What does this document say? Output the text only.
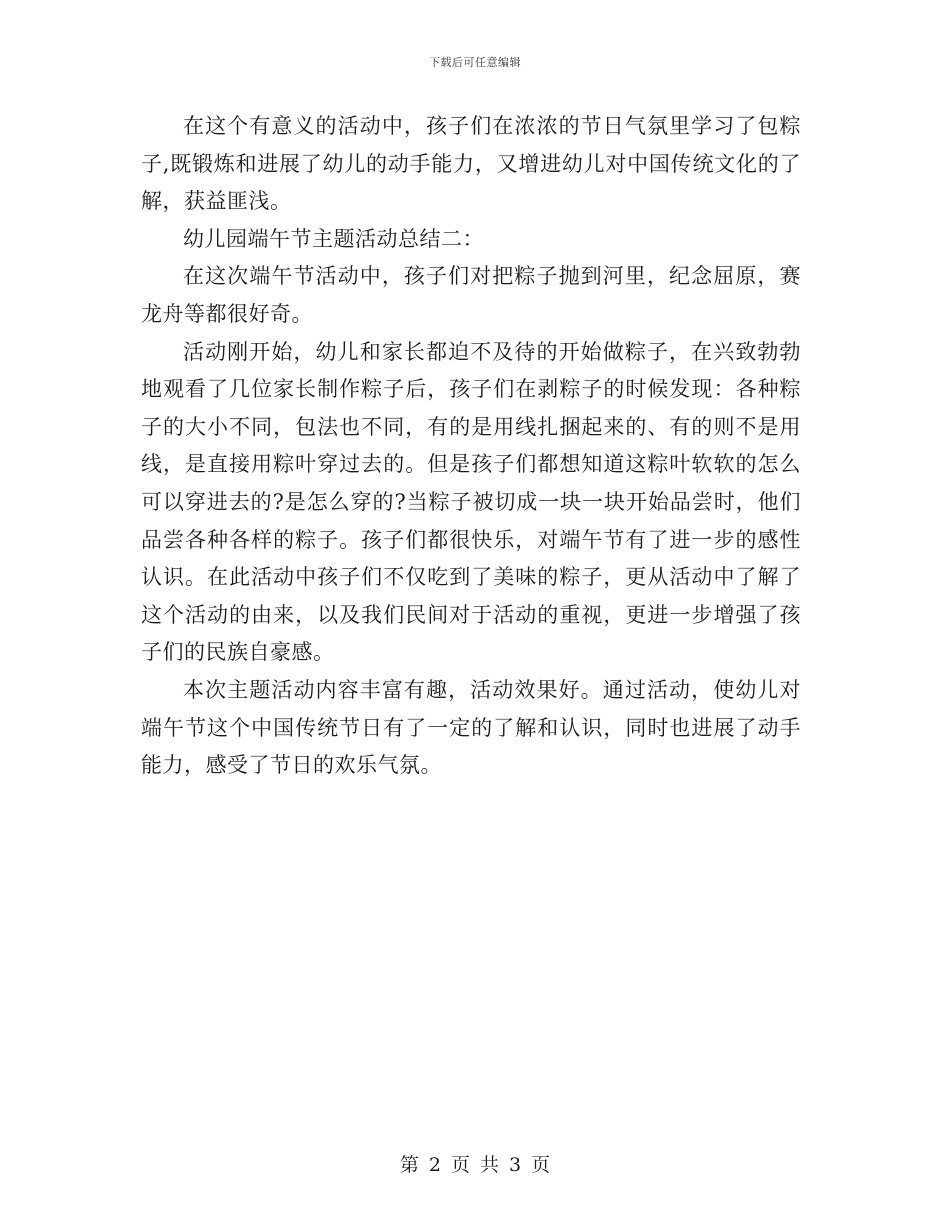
下载后可任意编辑

在这个有意义的活动中，孩子们在浓浓的节日气氛里学习了包粽子,既锻炼和进展了幼儿的动手能力，又增进幼儿对中国传统文化的了解，获益匪浅。

幼儿园端午节主题活动总结二：

在这次端午节活动中，孩子们对把粽子抛到河里，纪念屈原，赛龙舟等都很好奇。

活动刚开始，幼儿和家长都迫不及待的开始做粽子，在兴致勃勃地观看了几位家长制作粽子后，孩子们在剥粽子的时候发现：各种粽子的大小不同，包法也不同，有的是用线扎捆起来的、有的则不是用线，是直接用粽叶穿过去的。但是孩子们都想知道这粽叶软软的怎么可以穿进去的?是怎么穿的?当粽子被切成一块一块开始品尝时，他们品尝各种各样的粽子。孩子们都很快乐，对端午节有了进一步的感性认识。在此活动中孩子们不仅吃到了美味的粽子，更从活动中了解了这个活动的由来，以及我们民间对于活动的重视，更进一步增强了孩子们的民族自豪感。

本次主题活动内容丰富有趣，活动效果好。通过活动，使幼儿对端午节这个中国传统节日有了一定的了解和认识，同时也进展了动手能力，感受了节日的欢乐气氛。

第 2 页 共 3 页
